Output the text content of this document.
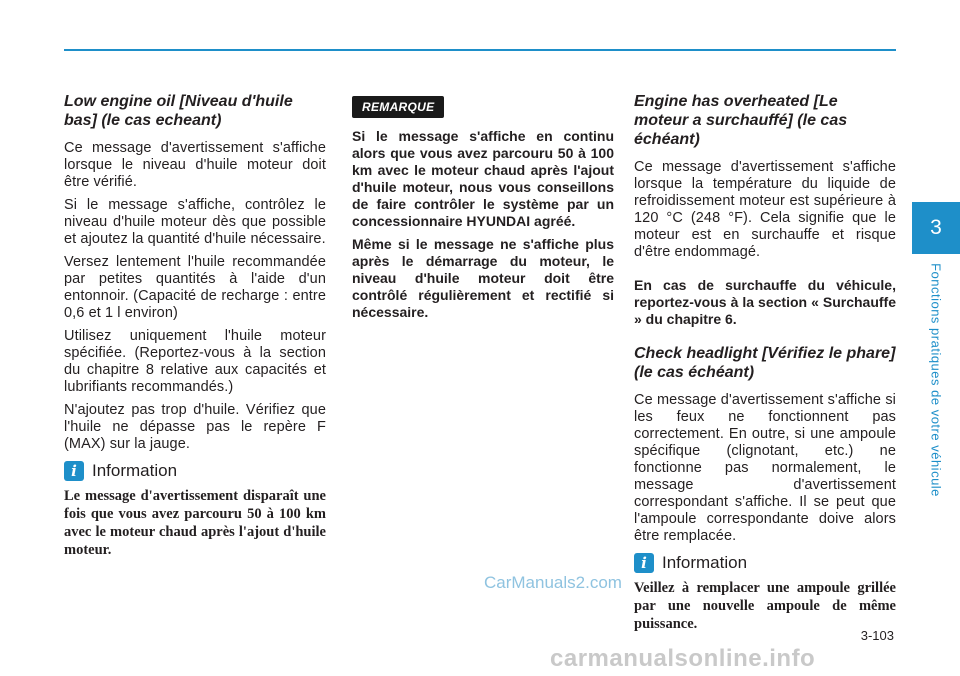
Low engine oil [Niveau d'huile bas] (le cas echeant)

Ce message d'avertissement s'affiche lorsque le niveau d'huile moteur doit être vérifié.

Si le message s'affiche, contrôlez le niveau d'huile moteur dès que possible et ajoutez la quantité d'huile nécessaire.

Versez lentement l'huile recommandée par petites quantités à l'aide d'un entonnoir. (Capacité de recharge : entre 0,6 et 1 l environ)

Utilisez uniquement l'huile moteur spécifiée. (Reportez-vous à la section du chapitre 8 relative aux capacités et lubrifiants recommandés.)

N'ajoutez pas trop d'huile. Vérifiez que l'huile ne dépasse pas le repère F (MAX) sur la jauge.

i Information

Le message d'avertissement disparaît une fois que vous avez parcouru 50 à 100 km avec le moteur chaud après l'ajout d'huile moteur.

REMARQUE

Si le message s'affiche en continu alors que vous avez parcouru 50 à 100 km avec le moteur chaud après l'ajout d'huile moteur, nous vous conseillons de faire contrôler le système par un concessionnaire HYUNDAI agréé.

Même si le message ne s'affiche plus après le démarrage du moteur, le niveau d'huile moteur doit être contrôlé régulièrement et rectifié si nécessaire.

Engine has overheated [Le moteur a surchauffé] (le cas échéant)

Ce message d'avertissement s'affiche lorsque la température du liquide de refroidissement moteur est supérieure à 120 °C (248 °F). Cela signifie que le moteur est en surchauffe et risque d'être endommagé.

En cas de surchauffe du véhicule, reportez-vous à la section « Surchauffe » du chapitre 6.

Check headlight [Vérifiez le phare] (le cas échéant)

Ce message d'avertissement s'affiche si les feux ne fonctionnent pas correctement. En outre, si une ampoule spécifique (clignotant, etc.) ne fonctionne pas normalement, le message d'avertissement correspondant s'affiche. Il se peut que l'ampoule correspondante doive alors être remplacée.

i Information

Veillez à remplacer une ampoule grillée par une nouvelle ampoule de même puissance.

3
Fonctions pratiques de votre véhicule
3-103
CarManuals2.com
carmanualsonline.info
